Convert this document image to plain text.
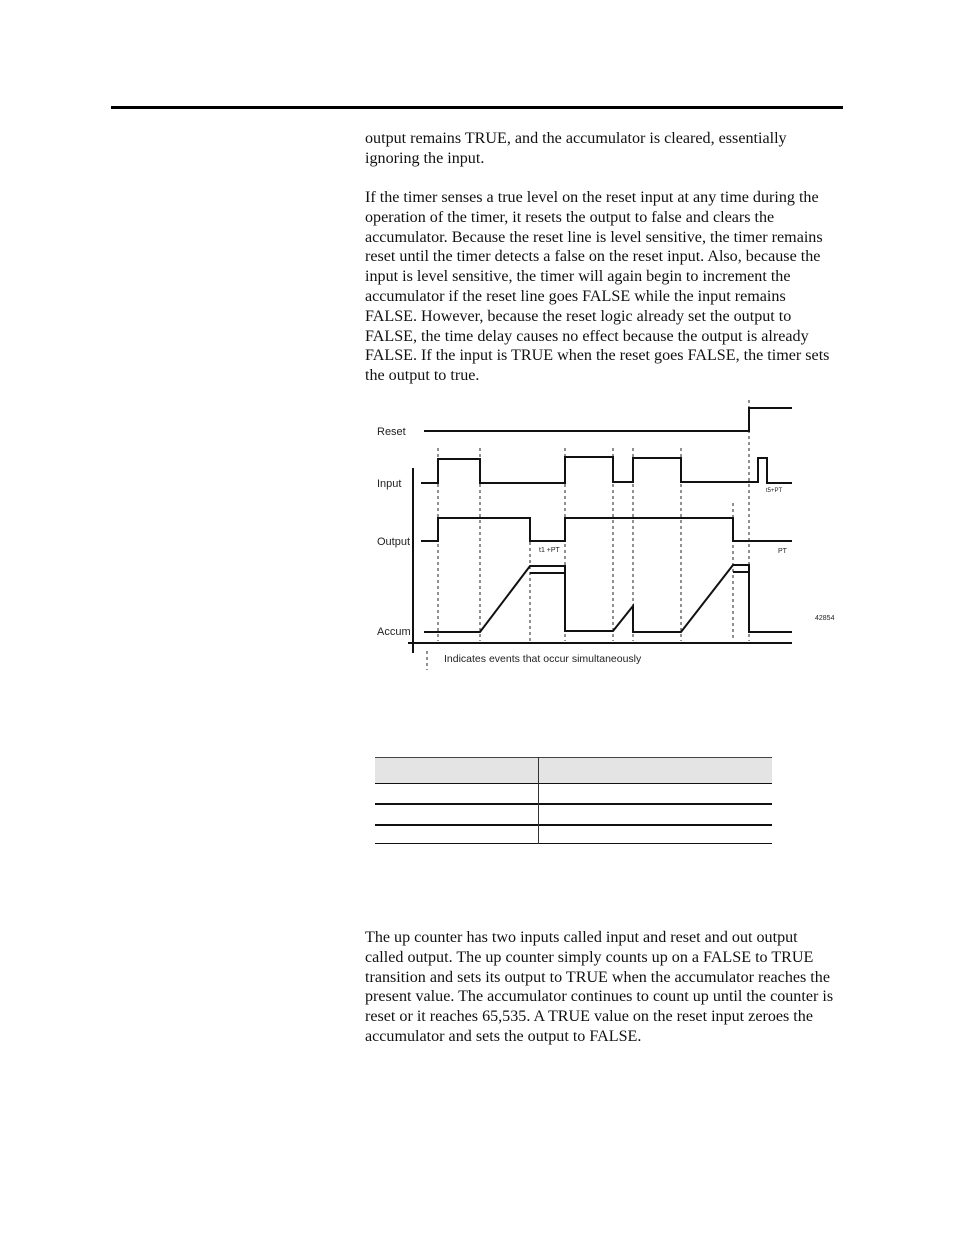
output remains TRUE, and the accumulator is cleared, essentially ignoring the input.

If the timer senses a true level on the reset input at any time during the operation of the timer, it resets the output to false and clears the accumulator. Because the reset line is level sensitive, the timer remains reset until the timer detects a false on the reset input. Also, because the input is level sensitive, the timer will again begin to increment the accumulator if the reset line goes FALSE while the input remains FALSE. However, because the reset logic already set the output to FALSE, the time delay causes no effect because the output is already FALSE. If the input is TRUE when the reset goes FALSE, the timer sets the output to true.

Reset
Input
Output
Accum
t1 +PT
t5+PT
PT
42854
Indicates events that occur simultaneously

The up counter has two inputs called input and reset and out output called output. The up counter simply counts up on a FALSE to TRUE transition and sets its output to TRUE when the accumulator reaches the present value. The accumulator continues to count up until the counter is reset or it reaches 65,535. A TRUE value on the reset input zeroes the accumulator and sets the output to FALSE.
